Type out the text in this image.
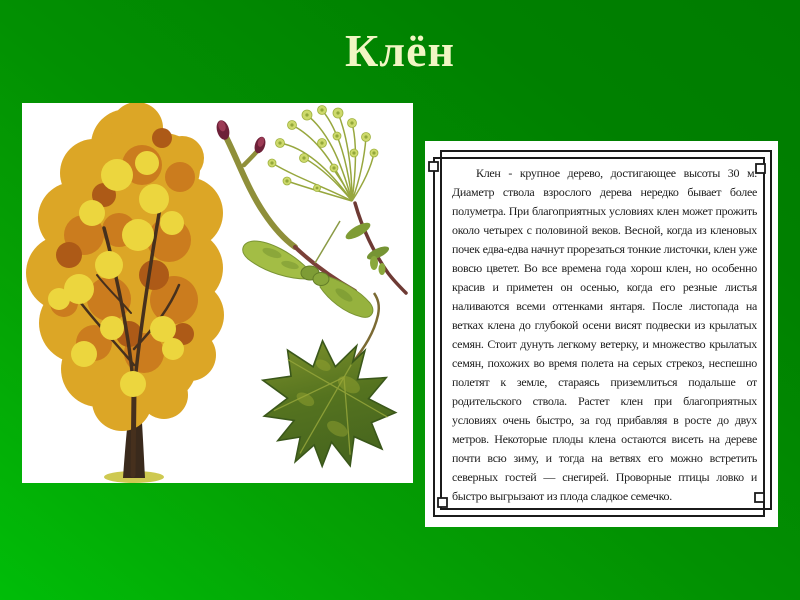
Клён
Клен - крупное дерево, достигающее высоты 30 м. Диаметр ствола взрослого дерева нередко бывает более полуметра. При благоприятных условиях клен может прожить около четырех с половиной веков. Весной, когда из кленовых почек едва-едва начнут прорезаться тонкие листочки, клен уже вовсю цветет. Во все времена года хорош клен, но особенно красив и приметен он осенью, когда его резные листья наливаются всеми оттенками янтаря. После листопада на ветках клена до глубокой осени висят подвески из крылатых семян. Стоит дунуть легкому ветерку, и множество крылатых семян, похожих во время полета на серых стрекоз, неспешно полетят к земле, стараясь приземлиться подальше от родительского ствола. Растет клен при благоприятных условиях очень быстро, за год прибавляя в росте до двух метров. Некоторые плоды клена остаются висеть на дереве почти всю зиму, и тогда на ветвях его можно встретить северных гостей — снегирей. Проворные птицы ловко и быстро выгрызают из плода сладкое семечко.
